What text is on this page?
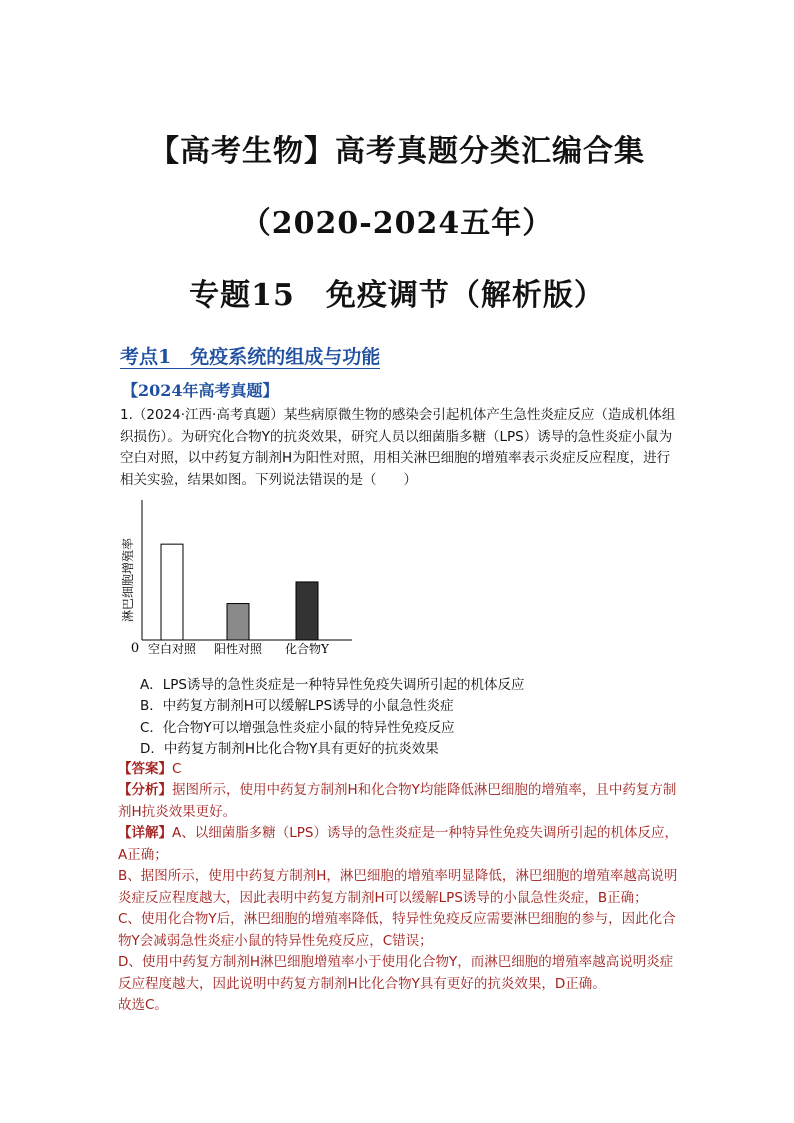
【高考生物】高考真题分类汇编合集
（2020-2024五年）
专题15　免疫调节（解析版）
考点1　免疫系统的组成与功能
【2024年高考真题】
1.（2024·江西·高考真题）某些病原微生物的感染会引起机体产生急性炎症反应（造成机体组织损伤）。为研究化合物Y的抗炎效果，研究人员以细菌脂多糖（LPS）诱导的急性炎症小鼠为空白对照，以中药复方制剂H为阳性对照，用相关淋巴细胞的增殖率表示炎症反应程度，进行相关实验，结果如图。下列说法错误的是（　　）
淋巴细胞增殖率
0 空白对照 阳性对照 化合物Y
A．LPS诱导的急性炎症是一种特异性免疫失调所引起的机体反应
B．中药复方制剂H可以缓解LPS诱导的小鼠急性炎症
C．化合物Y可以增强急性炎症小鼠的特异性免疫反应
D．中药复方制剂H比化合物Y具有更好的抗炎效果
【答案】C
【分析】据图所示，使用中药复方制剂H和化合物Y均能降低淋巴细胞的增殖率，且中药复方制剂H抗炎效果更好。
【详解】A、以细菌脂多糖（LPS）诱导的急性炎症是一种特异性免疫失调所引起的机体反应，A正确；
B、据图所示，使用中药复方制剂H，淋巴细胞的增殖率明显降低，淋巴细胞的增殖率越高说明炎症反应程度越大，因此表明中药复方制剂H可以缓解LPS诱导的小鼠急性炎症，B正确；
C、使用化合物Y后，淋巴细胞的增殖率降低，特异性免疫反应需要淋巴细胞的参与，因此化合物Y会减弱急性炎症小鼠的特异性免疫反应，C错误；
D、使用中药复方制剂H淋巴细胞增殖率小于使用化合物Y，而淋巴细胞的增殖率越高说明炎症反应程度越大，因此说明中药复方制剂H比化合物Y具有更好的抗炎效果，D正确。
故选C。
